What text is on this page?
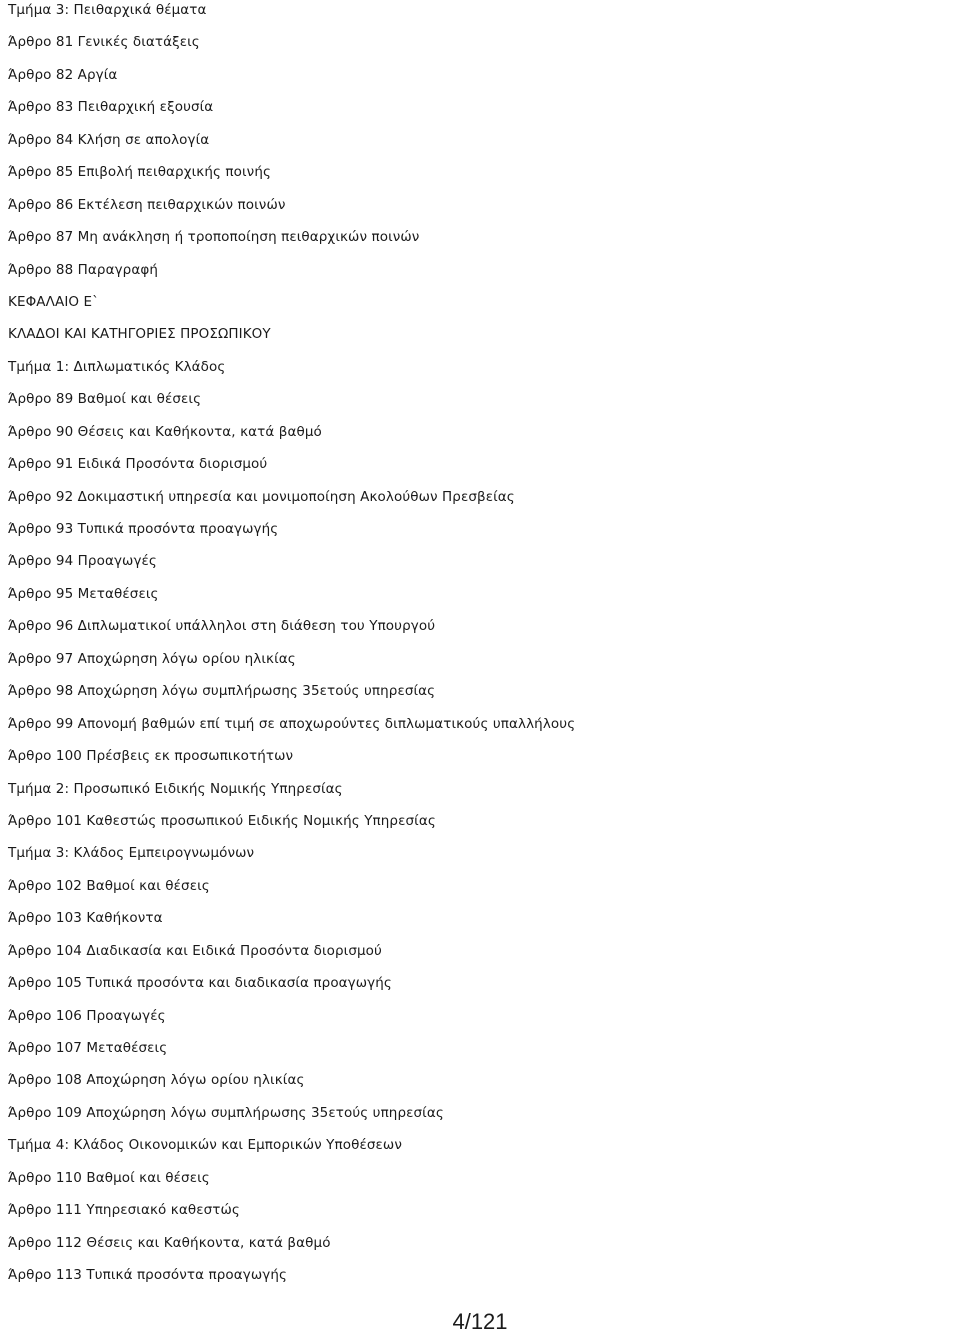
Τμήμα 3: Πειθαρχικά θέματα
Άρθρο 81 Γενικές διατάξεις
Άρθρο 82 Αργία
Άρθρο 83 Πειθαρχική εξουσία
Άρθρο 84 Κλήση σε απολογία
Άρθρο 85 Επιβολή πειθαρχικής ποινής
Άρθρο 86 Εκτέλεση πειθαρχικών ποινών
Άρθρο 87 Μη ανάκληση ή τροποποίηση πειθαρχικών ποινών
Άρθρο 88 Παραγραφή
ΚΕΦΑΛΑΙΟ Ε`
ΚΛΑΔΟΙ ΚΑΙ ΚΑΤΗΓΟΡΙΕΣ ΠΡΟΣΩΠΙΚΟΥ
Τμήμα 1: Διπλωματικός Κλάδος
Άρθρο 89 Βαθμοί και θέσεις
Άρθρο 90 Θέσεις και Καθήκοντα, κατά βαθμό
Άρθρο 91 Ειδικά Προσόντα διορισμού
Άρθρο 92 Δοκιμαστική υπηρεσία και μονιμοποίηση Ακολούθων Πρεσβείας
Άρθρο 93 Τυπικά προσόντα προαγωγής
Άρθρο 94 Προαγωγές
Άρθρο 95 Μεταθέσεις
Άρθρο 96 Διπλωματικοί υπάλληλοι στη διάθεση του Υπουργού
Άρθρο 97 Αποχώρηση λόγω ορίου ηλικίας
Άρθρο 98 Αποχώρηση λόγω συμπλήρωσης 35ετούς υπηρεσίας
Άρθρο 99 Απονομή βαθμών επί τιμή σε αποχωρούντες διπλωματικούς υπαλλήλους
Άρθρο 100 Πρέσβεις εκ προσωπικοτήτων
Τμήμα 2: Προσωπικό Ειδικής Νομικής Υπηρεσίας
Άρθρο 101 Καθεστώς προσωπικού Ειδικής Νομικής Υπηρεσίας
Τμήμα 3: Κλάδος Εμπειρογνωμόνων
Άρθρο 102 Βαθμοί και θέσεις
Άρθρο 103 Καθήκοντα
Άρθρο 104 Διαδικασία και Ειδικά Προσόντα διορισμού
Άρθρο 105 Τυπικά προσόντα και διαδικασία προαγωγής
Άρθρο 106 Προαγωγές
Άρθρο 107 Μεταθέσεις
Άρθρο 108 Αποχώρηση λόγω ορίου ηλικίας
Άρθρο 109 Αποχώρηση λόγω συμπλήρωσης 35ετούς υπηρεσίας
Τμήμα 4: Κλάδος Οικονομικών και Εμπορικών Υποθέσεων
Άρθρο 110 Βαθμοί και θέσεις
Άρθρο 111 Υπηρεσιακό καθεστώς
Άρθρο 112 Θέσεις και Καθήκοντα, κατά βαθμό
Άρθρο 113 Τυπικά προσόντα προαγωγής
4/121
